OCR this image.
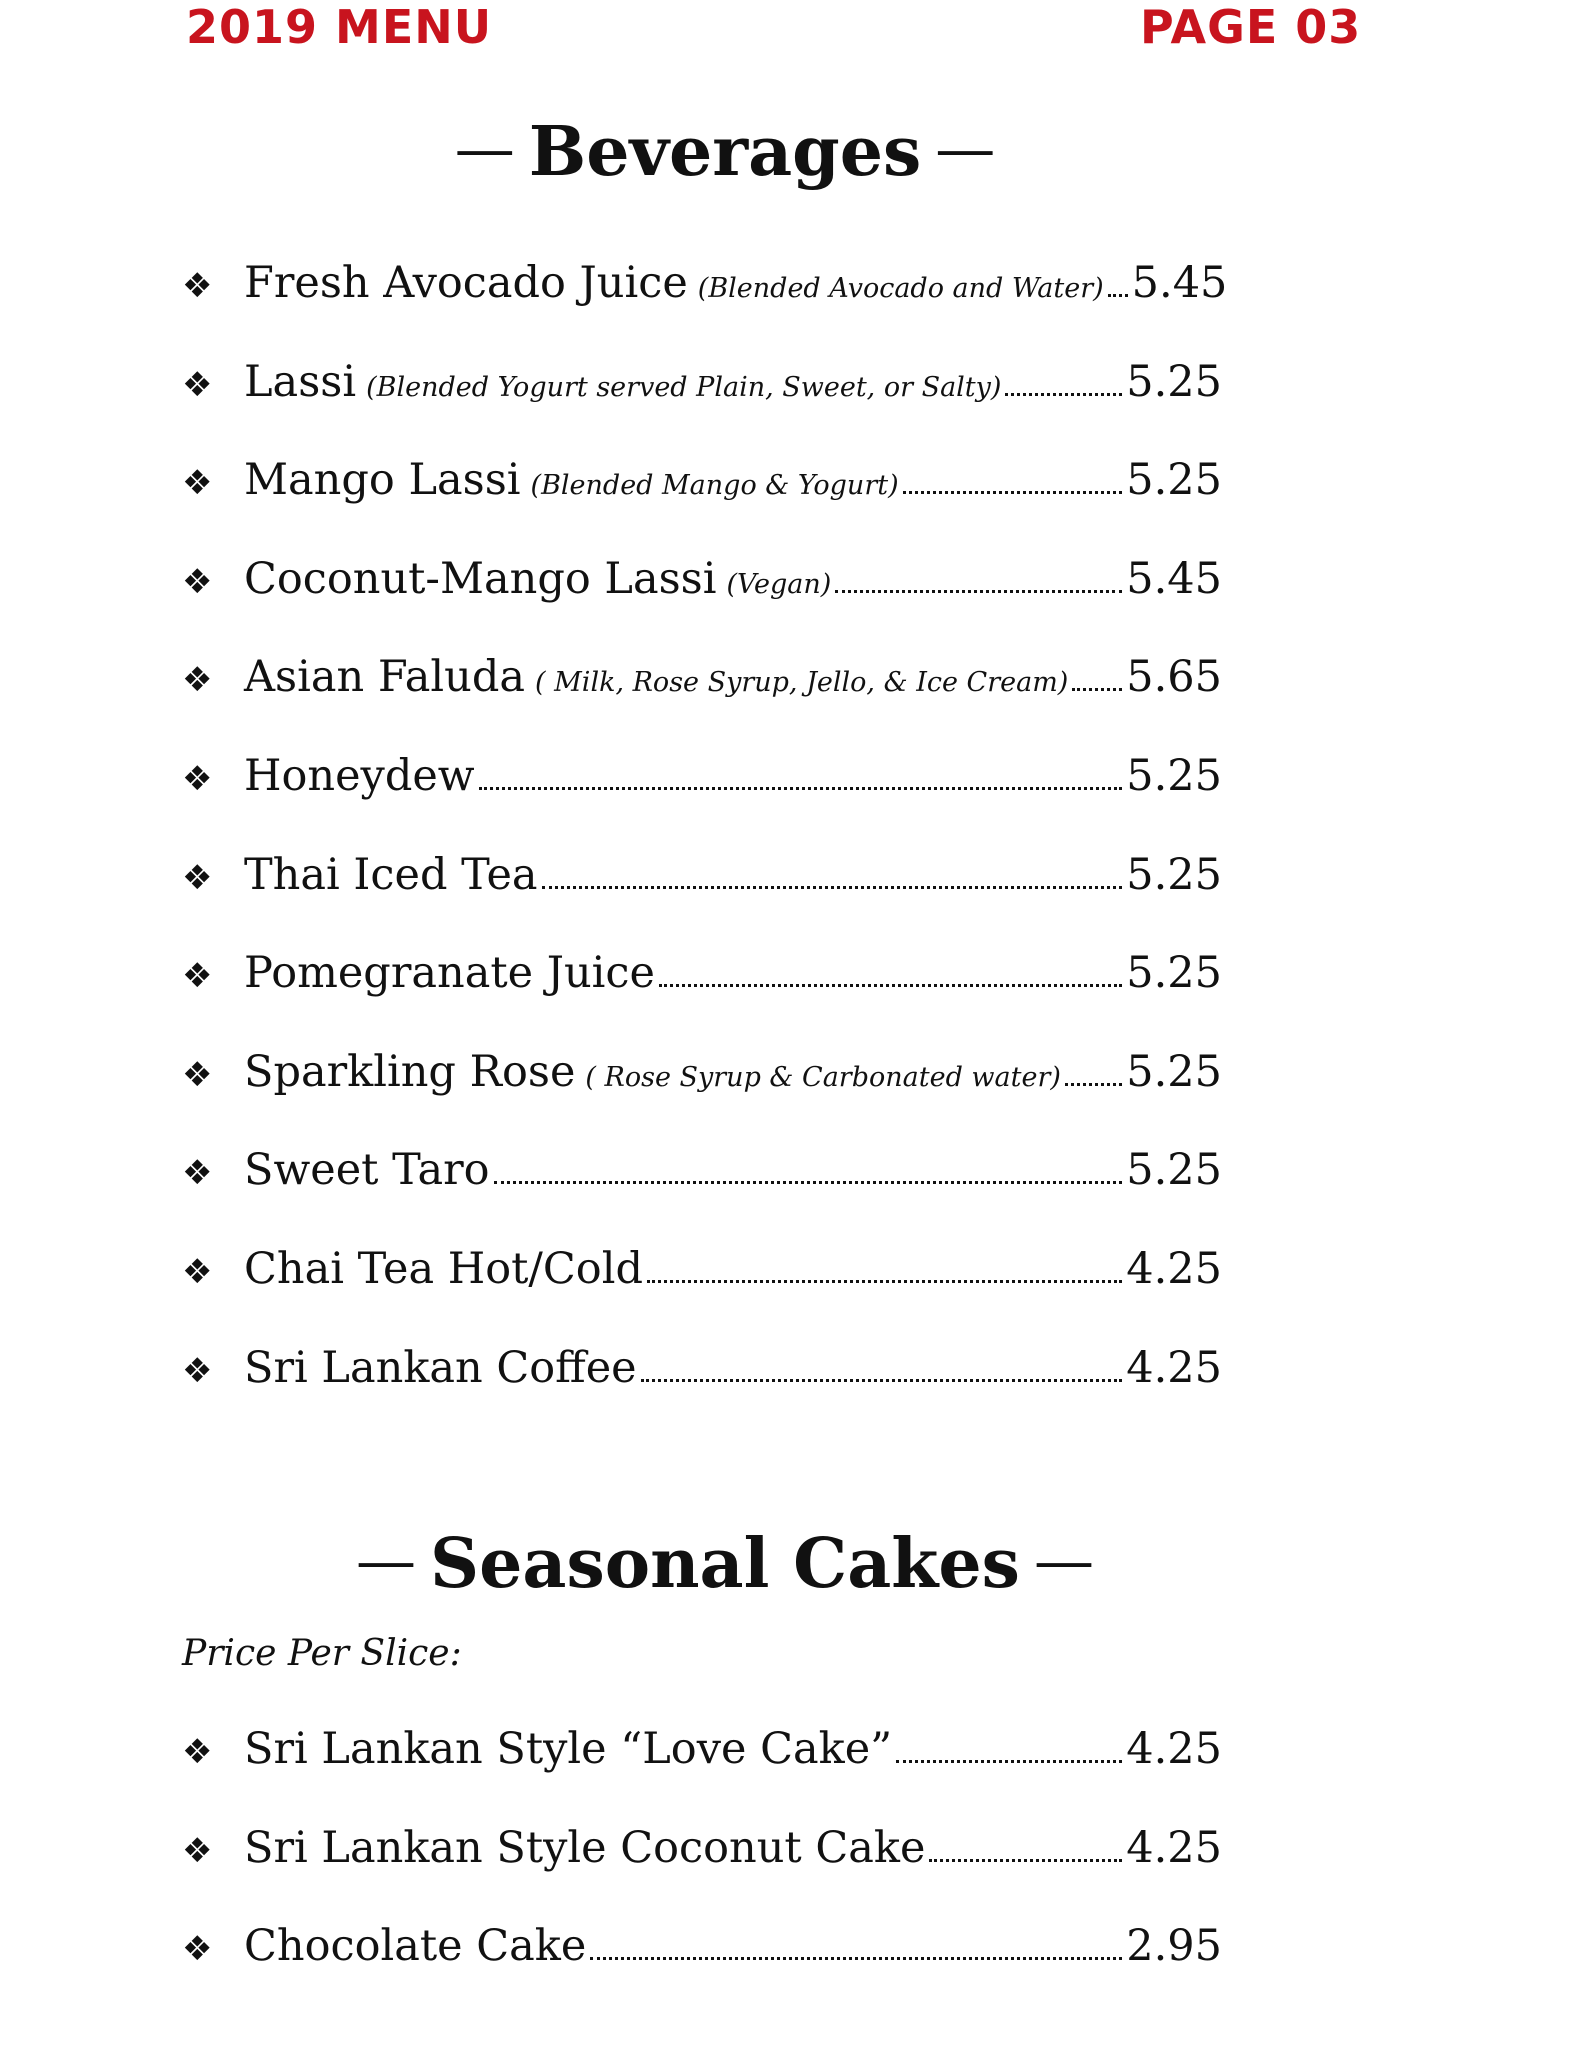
2019 MENU	PAGE 03
— Beverages —
❖ Fresh Avocado Juice (Blended Avocado and Water) 5.45
❖ Lassi (Blended Yogurt served Plain, Sweet, or Salty)	5.25
❖ Mango Lassi (Blended Mango & Yogurt)	5.25
❖ Coconut-Mango Lassi (Vegan)	5.45
❖ Asian Faluda ( Milk, Rose Syrup, Jello, & Ice Cream) 5.65
❖ Honeydew	5.25
❖ Thai Iced Tea	5.25
❖ Pomegranate Juice	5.25
❖ Sparkling Rose ( Rose Syrup & Carbonated water) 5.25
❖ Sweet Taro	5.25
❖ Chai Tea Hot/Cold	4.25
❖ Sri Lankan Coffee	4.25
— Seasonal Cakes —
Price Per Slice:
❖ Sri Lankan Style “Love Cake”	4.25
❖ Sri Lankan Style Coconut Cake	4.25
❖ Chocolate Cake	2.95
